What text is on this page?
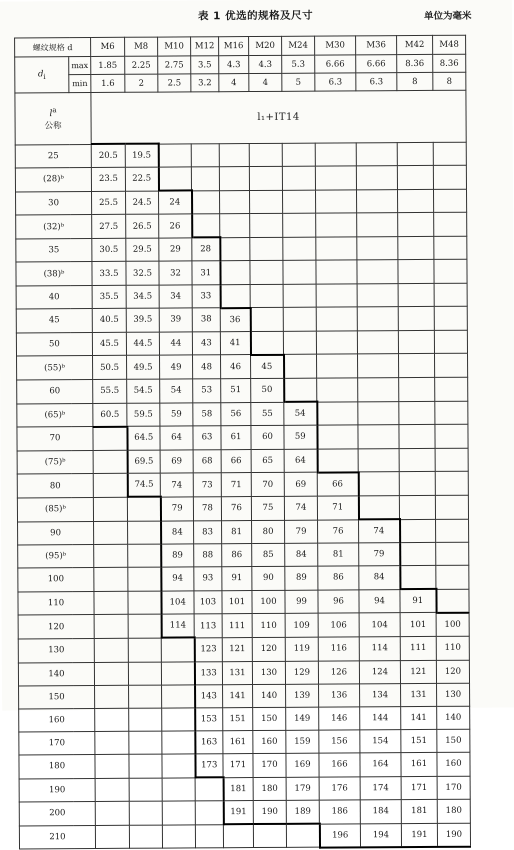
表 1 优选的规格及尺寸	单位为毫米
螺纹规格 d		M6	M8	M10	M12	M16	M20	M24	M30	M36	M42	M48
$d_i$	max	1.85	2.25	2.75	3.5	4.3	4.3	5.3	6.66	6.66	8.36	8.36
	min	1.6	2	2.5	3.2	4	4	5	6.3	6.3	8	8
$l^a$
公称		l₁+IT14										
25		20.5	19.5									
(28)ᵇ		23.5	22.5									
30		25.5	24.5	24								
(32)ᵇ		27.5	26.5	26								
35		30.5	29.5	29	28							
(38)ᵇ		33.5	32.5	32	31							
40		35.5	34.5	34	33							
45		40.5	39.5	39	38	36						
50		45.5	44.5	44	43	41						
(55)ᵇ		50.5	49.5	49	48	46	45					
60		55.5	54.5	54	53	51	50					
(65)ᵇ		60.5	59.5	59	58	56	55	54				
70			64.5	64	63	61	60	59				
(75)ᵇ			69.5	69	68	66	65	64				
80			74.5	74	73	71	70	69	66			
(85)ᵇ				79	78	76	75	74	71			
90				84	83	81	80	79	76	74		
(95)ᵇ				89	88	86	85	84	81	79		
100				94	93	91	90	89	86	84		
110				104	103	101	100	99	96	94	91	
120				114	113	111	110	109	106	104	101	100
130					123	121	120	119	116	114	111	110
140					133	131	130	129	126	124	121	120
150					143	141	140	139	136	134	131	130
160					153	151	150	149	146	144	141	140
170					163	161	160	159	156	154	151	150
180					173	171	170	169	166	164	161	160
190						181	180	179	176	174	171	170
200						191	190	189	186	184	181	180
210									196	194	191	190
